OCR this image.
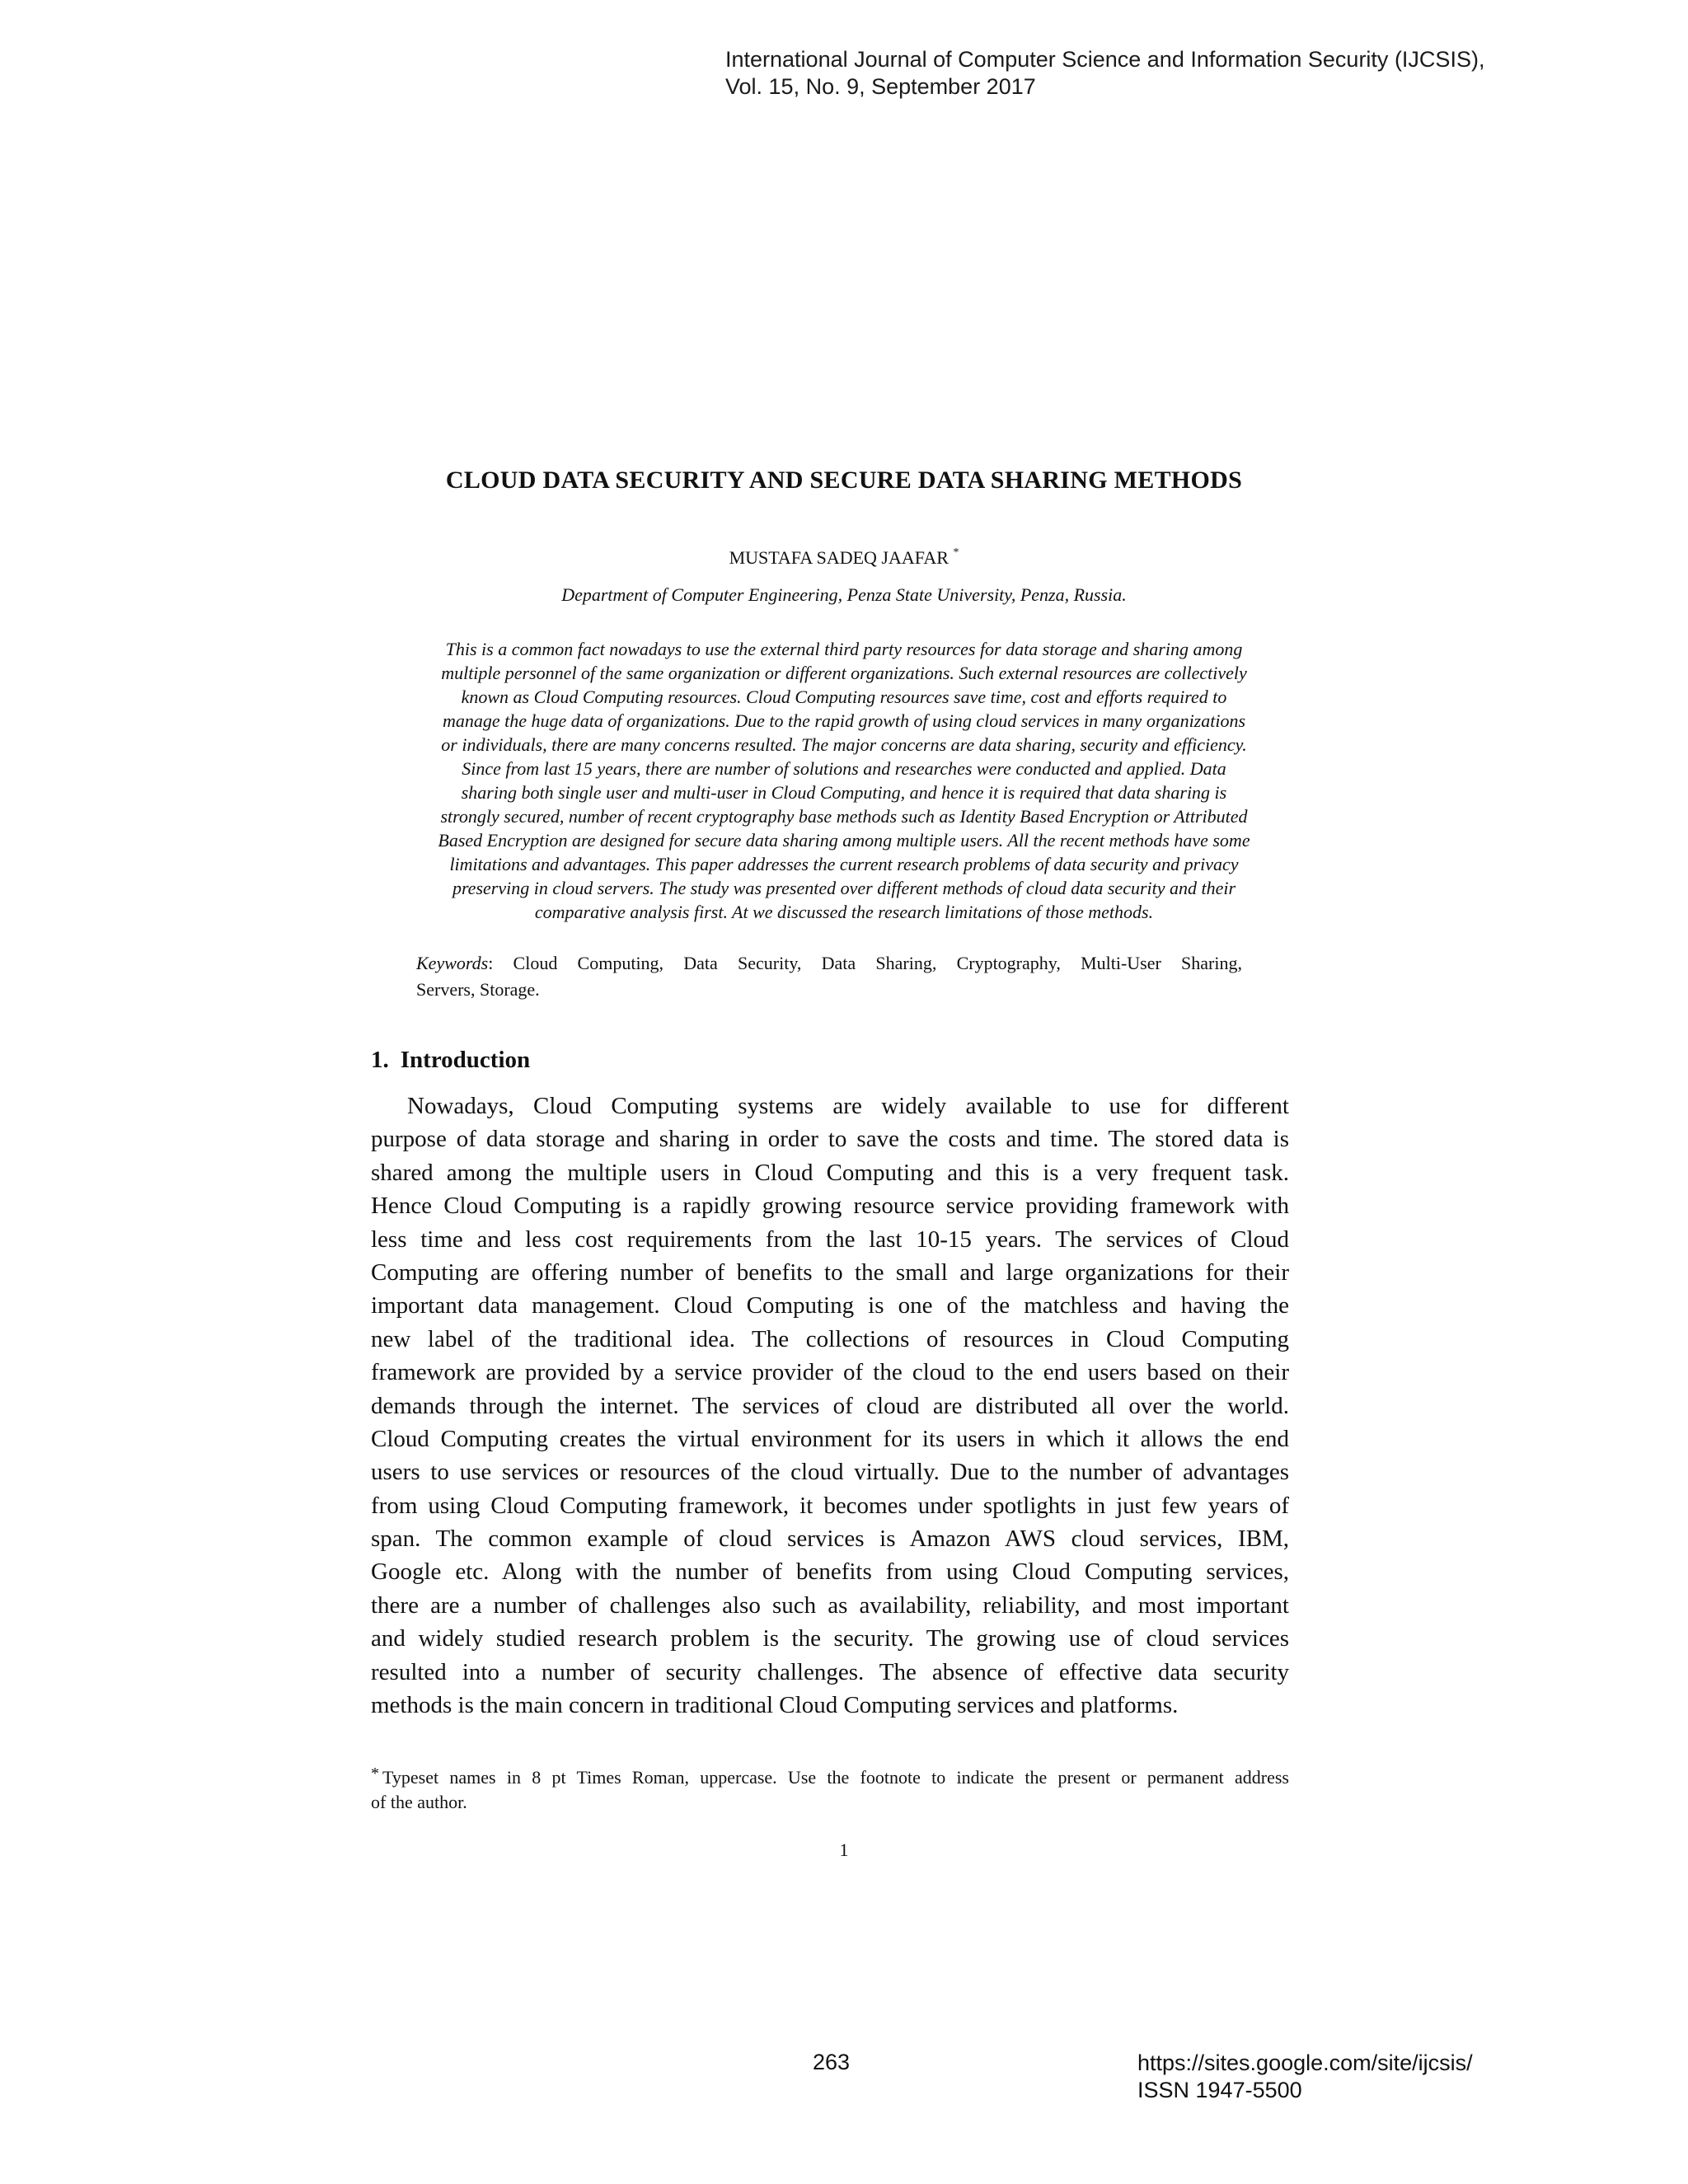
International Journal of Computer Science and Information Security (IJCSIS),
Vol. 15, No. 9, September 2017
CLOUD DATA SECURITY AND SECURE DATA SHARING METHODS
MUSTAFA SADEQ JAAFAR *
Department of Computer Engineering, Penza State University, Penza, Russia.
This is a common fact nowadays to use the external third party resources for data storage and sharing among
multiple personnel of the same organization or different organizations. Such external resources are collectively
known as Cloud Computing resources. Cloud Computing resources save time, cost and efforts required to
manage the huge data of organizations. Due to the rapid growth of using cloud services in many organizations
or individuals, there are many concerns resulted. The major concerns are data sharing, security and efficiency.
Since from last 15 years, there are number of solutions and researches were conducted and applied. Data
sharing both single user and multi-user in Cloud Computing, and hence it is required that data sharing is
strongly secured, number of recent cryptography base methods such as Identity Based Encryption or Attributed
Based Encryption are designed for secure data sharing among multiple users. All the recent methods have some
limitations and advantages. This paper addresses the current research problems of data security and privacy
preserving in cloud servers. The study was presented over different methods of cloud data security and their
comparative analysis first. At we discussed the research limitations of those methods.
Keywords: Cloud Computing, Data Security, Data Sharing, Cryptography, Multi-User Sharing,
Servers, Storage.
1. Introduction
Nowadays, Cloud Computing systems are widely available to use for different
purpose of data storage and sharing in order to save the costs and time. The stored data is
shared among the multiple users in Cloud Computing and this is a very frequent task.
Hence Cloud Computing is a rapidly growing resource service providing framework with
less time and less cost requirements from the last 10-15 years. The services of Cloud
Computing are offering number of benefits to the small and large organizations for their
important data management. Cloud Computing is one of the matchless and having the
new label of the traditional idea. The collections of resources in Cloud Computing
framework are provided by a service provider of the cloud to the end users based on their
demands through the internet. The services of cloud are distributed all over the world.
Cloud Computing creates the virtual environment for its users in which it allows the end
users to use services or resources of the cloud virtually. Due to the number of advantages
from using Cloud Computing framework, it becomes under spotlights in just few years of
span. The common example of cloud services is Amazon AWS cloud services, IBM,
Google etc. Along with the number of benefits from using Cloud Computing services,
there are a number of challenges also such as availability, reliability, and most important
and widely studied research problem is the security. The growing use of cloud services
resulted into a number of security challenges. The absence of effective data security
methods is the main concern in traditional Cloud Computing services and platforms.
* Typeset names in 8 pt Times Roman, uppercase. Use the footnote to indicate the present or permanent address
of the author.
1
263	https://sites.google.com/site/ijcsis/
ISSN 1947-5500
